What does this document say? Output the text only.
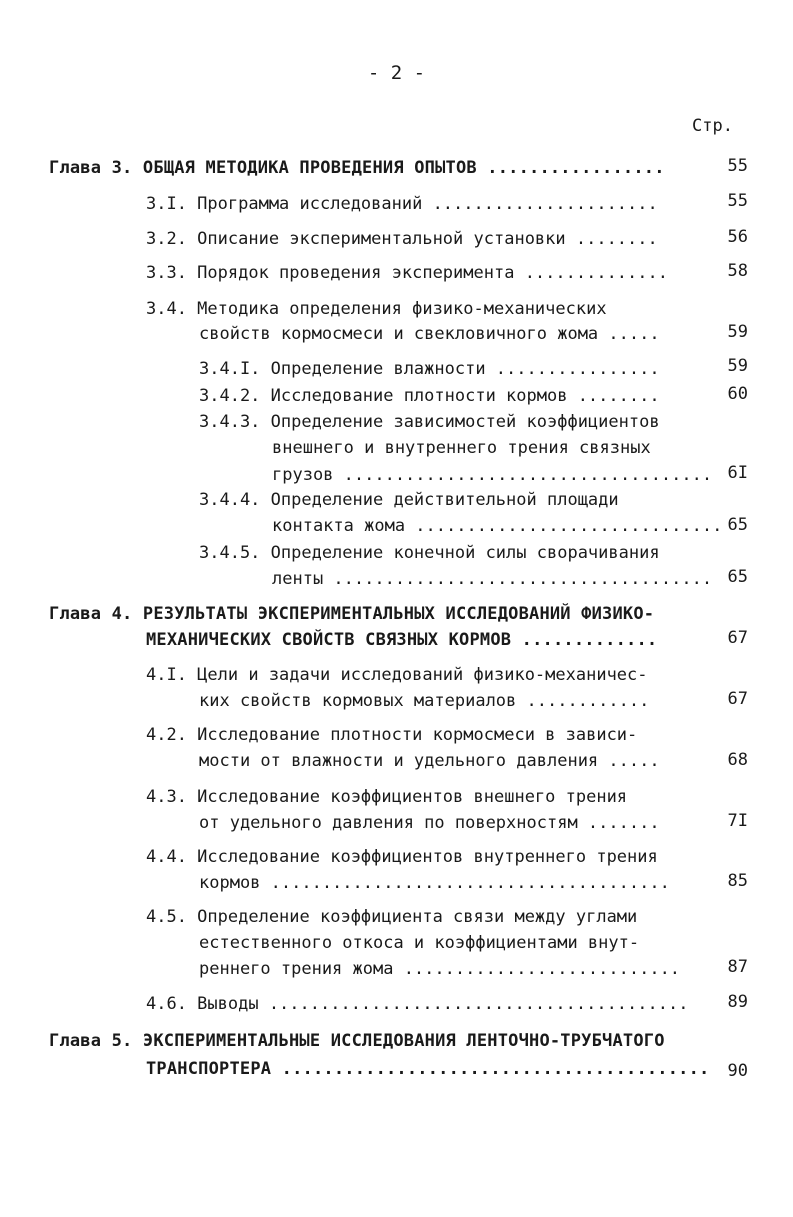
- 2 -
Стр.
Глава 3. ОБЩАЯ МЕТОДИКА ПРОВЕДЕНИЯ ОПЫТОВ .................	55
3.I. Программа исследований ......................	55
3.2. Описание экспериментальной установки ........	56
3.3. Порядок проведения эксперимента ..............	58
3.4. Методика определения физико-механических
свойств кормосмеси и свекловичного жома .....	59
3.4.I. Определение влажности ................	59
3.4.2. Исследование плотности кормов ........	60
3.4.3. Определение зависимостей коэффициентов
внешнего и внутреннего трения связных
грузов .................................... 6I
3.4.4. Определение действительной площади
контакта жома .............................. 65
3.4.5. Определение конечной силы сворачивания
ленты ..................................... 65
Глава 4. РЕЗУЛЬТАТЫ ЭКСПЕРИМЕНТАЛЬНЫХ ИССЛЕДОВАНИЙ ФИЗИКО-
МЕХАНИЧЕСКИХ СВОЙСТВ СВЯЗНЫХ КОРМОВ .............	67
4.I. Цели и задачи исследований физико-механичес-
ких свойств кормовых материалов ............	67
4.2. Исследование плотности кормосмеси в зависи-
мости от влажности и удельного давления .....	68
4.3. Исследование коэффициентов внешнего трения
от удельного давления по поверхностям .......	7I
4.4. Исследование коэффициентов внутреннего трения
кормов .......................................	85
4.5. Определение коэффициента связи между углами
естественного откоса и коэффициентами внут-
реннего трения жома ...........................	87
4.6. Выводы .........................................	89
Глава 5. ЭКСПЕРИМЕНТАЛЬНЫЕ ИССЛЕДОВАНИЯ ЛЕНТОЧНО-ТРУБЧАТОГО
ТРАНСПОРТЕРА .........................................	90
